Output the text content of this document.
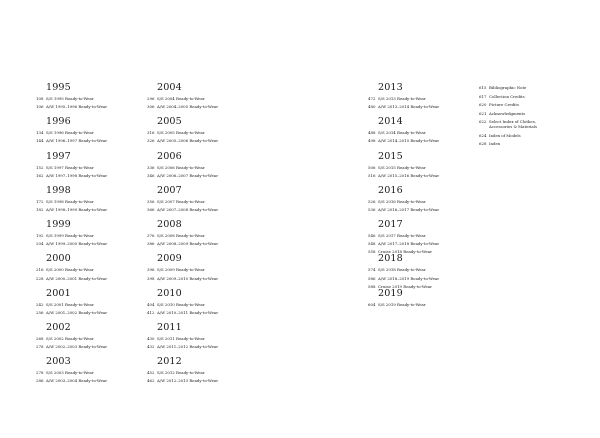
1995
108 S/S 1995 Ready-to-Wear
106 A/W 1995–1996 Ready-to-Wear
1996
134 S/S 1996 Ready-to-Wear
144 A/W 1996–1997 Ready-to-Wear
1997
152 S/S 1997 Ready-to-Wear
162 A/W 1997–1998 Ready-to-Wear
1998
172 S/S 1998 Ready-to-Wear
182 A/W 1998–1999 Ready-to-Wear
1999
192 S/S 1999 Ready-to-Wear
204 A/W 1999–2000 Ready-to-Wear
2000
216 S/S 2000 Ready-to-Wear
228 A/W 2000–2001 Ready-to-Wear
2001
242 S/S 2001 Ready-to-Wear
256 A/W 2001–2002 Ready-to-Wear
2002
268 S/S 2002 Ready-to-Wear
278 A/W 2002–2003 Ready-to-Wear
2003
278 S/S 2003 Ready-to-Wear
286 A/W 2003–2004 Ready-to-Wear
2004
296 S/S 2004 Ready-to-Wear
306 A/W 2004–2005 Ready-to-Wear
2005
316 S/S 2005 Ready-to-Wear
326 A/W 2005–2006 Ready-to-Wear
2006
336 S/S 2006 Ready-to-Wear
346 A/W 2006–2007 Ready-to-Wear
2007
356 S/S 2007 Ready-to-Wear
366 A/W 2007–2008 Ready-to-Wear
2008
376 S/S 2008 Ready-to-Wear
386 A/W 2008–2009 Ready-to-Wear
2009
396 S/S 2009 Ready-to-Wear
398 A/W 2009–2010 Ready-to-Wear
2010
404 S/S 2010 Ready-to-Wear
412 A/W 2010–2011 Ready-to-Wear
2011
430 S/S 2011 Ready-to-Wear
432 A/W 2011–2012 Ready-to-Wear
2012
452 S/S 2012 Ready-to-Wear
462 A/W 2012–2013 Ready-to-Wear
2013
472 S/S 2013 Ready-to-Wear
480 A/W 2013–2014 Ready-to-Wear
2014
488 S/S 2014 Ready-to-Wear
498 A/W 2014–2015 Ready-to-Wear
2015
506 S/S 2015 Ready-to-Wear
516 A/W 2015–2016 Ready-to-Wear
2016
526 S/S 2016 Ready-to-Wear
536 A/W 2016–2017 Ready-to-Wear
2017
546 S/S 2017 Ready-to-Wear
548 A/W 2017–2018 Ready-to-Wear
558 Cruise 2018 Ready-to-Wear
2018
574 S/S 2018 Ready-to-Wear
586 A/W 2018–2019 Ready-to-Wear
588 Cruise 2019 Ready-to-Wear
2019
604 S/S 2019 Ready-to-Wear
615 Bibliographic Note
617 Collection Credits
620 Picture Credits
621 Acknowledgments
622 Select Index of Clothes,
Accessories & Materials
624 Index of Models
628 Index
